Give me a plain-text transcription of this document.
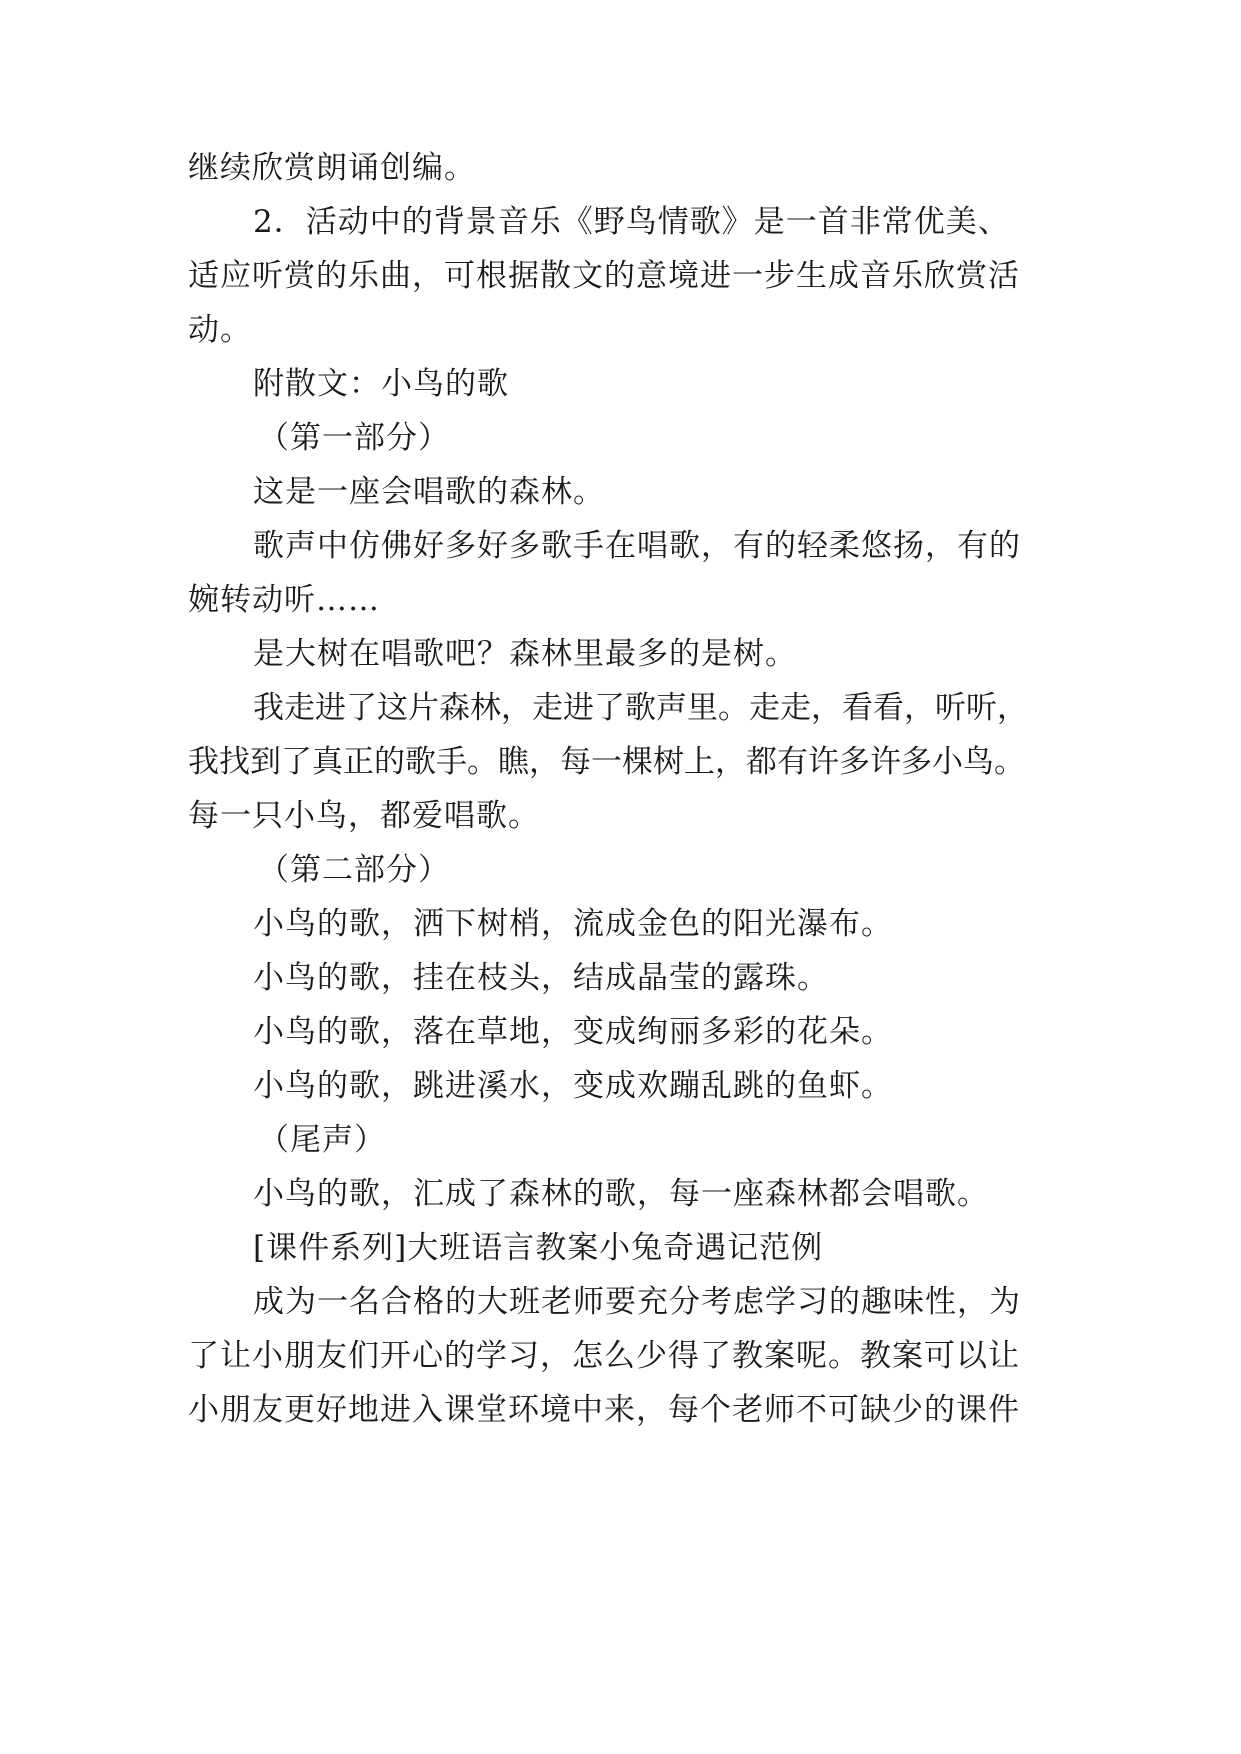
继续欣赏朗诵创编。
2．活动中的背景音乐《野鸟情歌》是一首非常优美、
适应听赏的乐曲，可根据散文的意境进一步生成音乐欣赏活
动。
附散文：小鸟的歌
（第一部分）
这是一座会唱歌的森林。
歌声中仿佛好多好多歌手在唱歌，有的轻柔悠扬，有的
婉转动听……
是大树在唱歌吧？森林里最多的是树。
我走进了这片森林，走进了歌声里。走走，看看，听听，
我找到了真正的歌手。瞧，每一棵树上，都有许多许多小鸟。
每一只小鸟，都爱唱歌。
（第二部分）
小鸟的歌，洒下树梢，流成金色的阳光瀑布。
小鸟的歌，挂在枝头，结成晶莹的露珠。
小鸟的歌，落在草地，变成绚丽多彩的花朵。
小鸟的歌，跳进溪水，变成欢蹦乱跳的鱼虾。
（尾声）
小鸟的歌，汇成了森林的歌，每一座森林都会唱歌。
[课件系列]大班语言教案小兔奇遇记范例
成为一名合格的大班老师要充分考虑学习的趣味性，为
了让小朋友们开心的学习，怎么少得了教案呢。教案可以让
小朋友更好地进入课堂环境中来，每个老师不可缺少的课件
